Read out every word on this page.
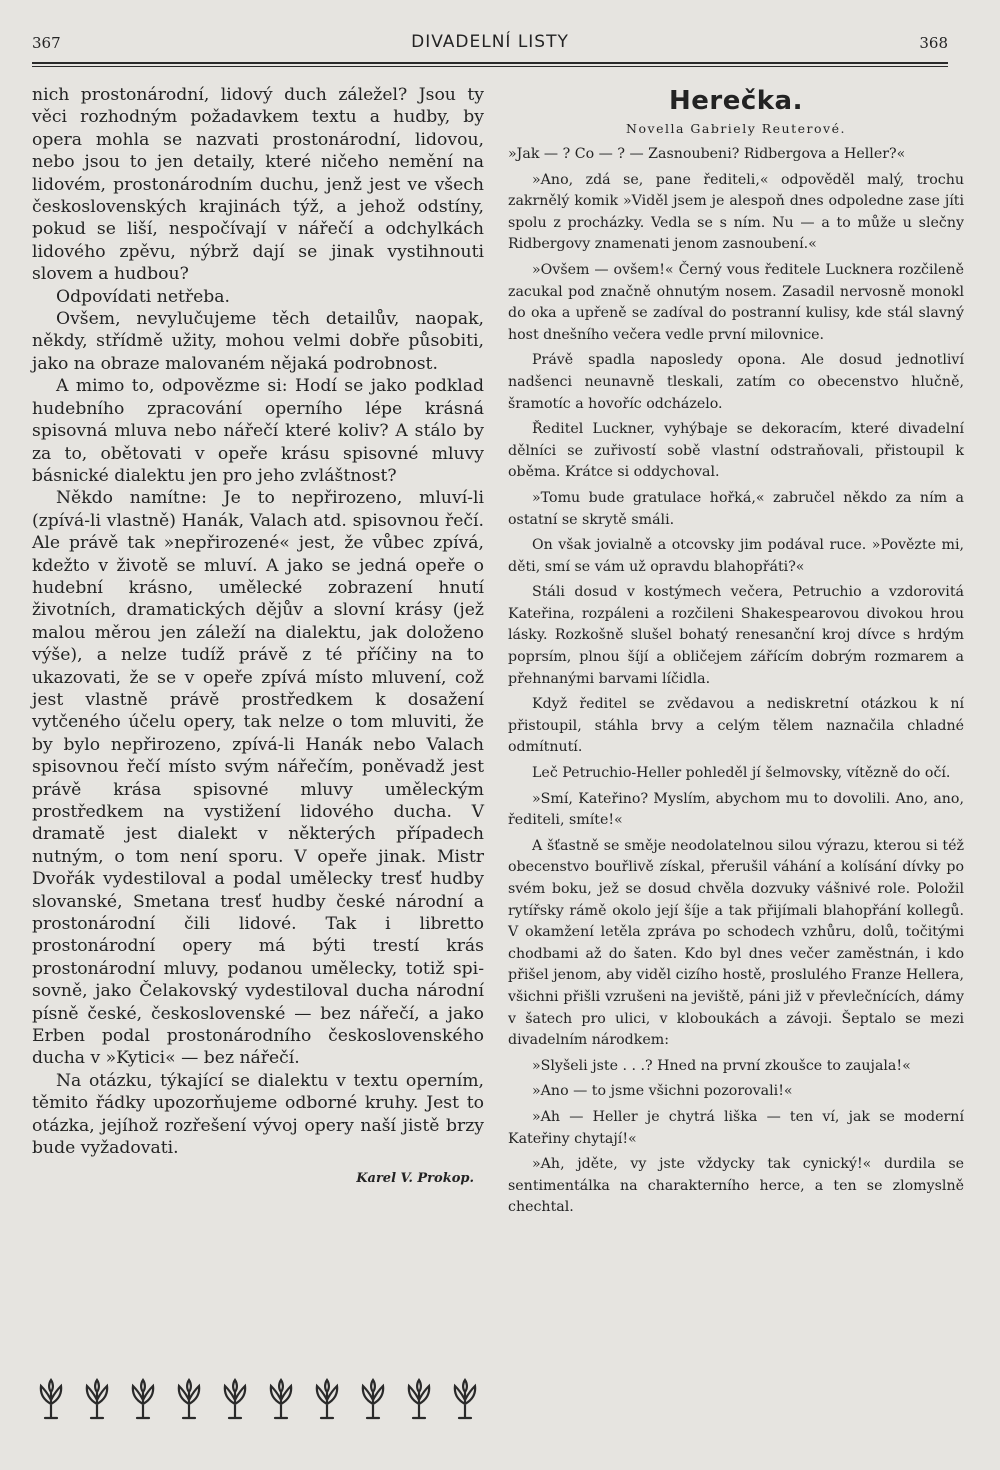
367	DIVADELNÍ LISTY	368

nich prostonárodní, lidový duch záležel? Jsou ty věci rozhodným požadavkem textu a hudby, by opera mohla se nazvati prostonárodní, lidovou, nebo jsou to jen detaily, které ničeho nemění na lidovém, prostonárodním duchu, jenž jest ve všech československých krajinách týž, a jehož odstíny, pokud se liší, nespočívají v nářečí a odchylkách lidového zpěvu, nýbrž dají se jinak vystihnouti slovem a hudbou?

Odpovídati netřeba.

Ovšem, nevylučujeme těch detailův, naopak, někdy, střídmě užity, mohou velmi dobře působiti, jako na obraze malovaném nějaká podrobnost.

A mimo to, odpovězme si: Hodí se jako podklad hudebního zpracování operního lépe krásná spisovná mluva nebo nářečí které koliv? A stálo by za to, obětovati v opeře krásu spisovné mluvy básnické dialektu jen pro jeho zvláštnost?

Někdo namítne: Je to nepřirozeno, mluví-li (zpívá-li vlastně) Hanák, Valach atd. spisovnou řečí. Ale právě tak »nepřirozené« jest, že vůbec zpívá, kdežto v životě se mluví. A jako se jedná opeře o hudební krásno, umělecké zobrazení hnutí životních, dramatických dějův a slovní krásy (jež malou měrou jen záleží na dialektu, jak doloženo výše), a nelze tudíž právě z té příčiny na to ukazovati, že se v opeře zpívá místo mluvení, což jest vlastně právě prostředkem k dosažení vytčeného účelu opery, tak nelze o tom mluviti, že by bylo nepřirozeno, zpívá-li Hanák nebo Valach spisovnou řečí místo svým nářečím, poněvadž jest právě krása spisovné mluvy uměleckým prostředkem na vystižení lidového ducha. V dramatě jest dialekt v některých případech nutným, o tom není sporu. V opeře jinak. Mistr Dvořák vydestiloval a podal umělecky tresť hudby slovanské, Smetana tresť hudby české národní a prostonárodní čili lidové. Tak i libretto prostonárodní opery má býti trestí krás prostonárodní mluvy, podanou umělecky, totiž spisovně, jako Čelakovský vydestiloval ducha národní písně české, československé — bez nářečí, a jako Erben podal prostonárodního československého ducha v »Kytici« — bez nářečí.

Na otázku, týkající se dialektu v textu operním, těmito řádky upozorňujeme odborné kruhy. Jest to otázka, jejíhož rozřešení vývoj opery naší jistě brzy bude vyžadovati.

Karel V. Prokop.
Herečka.
Novella Gabriely Reuterové.

»Jak — ? Co — ? — Zasnoubeni? Ridbergova a Heller?«

»Ano, zdá se, pane řediteli,« odpověděl malý, trochu zakrnělý komik »Viděl jsem je alespoň dnes odpoledne zase jíti spolu z procházky. Vedla se s ním. Nu — a to může u slečny Ridbergovy znamenati jenom zasnoubení.«

»Ovšem — ovšem!« Černý vous ředitele Lucknera rozčileně zacukal pod značně ohnutým nosem. Zasadil nervosně monokl do oka a upřeně se zadíval do postranní kulisy, kde stál slavný host dnešního večera vedle první milovnice.

Právě spadla naposledy opona. Ale dosud jednotliví nadšenci neunavně tleskali, zatím co obecenstvo hlučně, šramotíc a hovoříc odcházelo.

Ředitel Luckner, vyhýbaje se dekoracím, které divadelní dělníci se zuřivostí sobě vlastní odstraňovali, přistoupil k oběma. Krátce si oddychoval.

»Tomu bude gratulace hořká,« zabručel někdo za ním a ostatní se skrytě smáli.

On však jovialně a otcovsky jim podával ruce. »Povězte mi, děti, smí se vám už opravdu blahopřáti?«

Stáli dosud v kostýmech večera, Petruchio a vzdorovitá Kateřina, rozpáleni a rozčileni Shakespearovou divokou hrou lásky. Rozkošně slušel bohatý renesanční kroj dívce s hrdým poprsím, plnou šíjí a obličejem zářícím dobrým rozmarem a přehnanými barvami líčidla.

Když ředitel se zvědavou a nediskretní otázkou k ní přistoupil, stáhla brvy a celým tělem naznačila chladné odmítnutí.

Leč Petruchio-Heller pohleděl jí šelmovsky, vítězně do očí.

»Smí, Kateřino? Myslím, abychom mu to dovolili. Ano, ano, řediteli, smíte!«

A šťastně se směje neodolatelnou silou výrazu, kterou si též obecenstvo bouřlivě získal, přerušil váhání a kolísání dívky po svém boku, jež se dosud chvěla dozvuky vášnivé role. Položil rytířsky rámě okolo její šíje a tak přijímali blahopřání kollegů. V okamžení letěla zpráva po schodech vzhůru, dolů, točitými chodbami až do šaten. Kdo byl dnes večer zaměstnán, i kdo přišel jenom, aby viděl cizího hostě, proslulého Franze Hellera, všichni přišli vzrušeni na jeviště, páni již v převlečnících, dámy v šatech pro ulici, v kloboukách a závoji. Šeptalo se mezi divadelním národkem:

»Slyšeli jste . . .? Hned na první zkoušce to zaujala!«

»Ano — to jsme všichni pozorovali!«

»Ah — Heller je chytrá liška — ten ví, jak se moderní Kateřiny chytají!«

»Ah, jděte, vy jste vždycky tak cynický!« durdila se sentimentálka na charakterního herce, a ten se zlomyslně chechtal.
